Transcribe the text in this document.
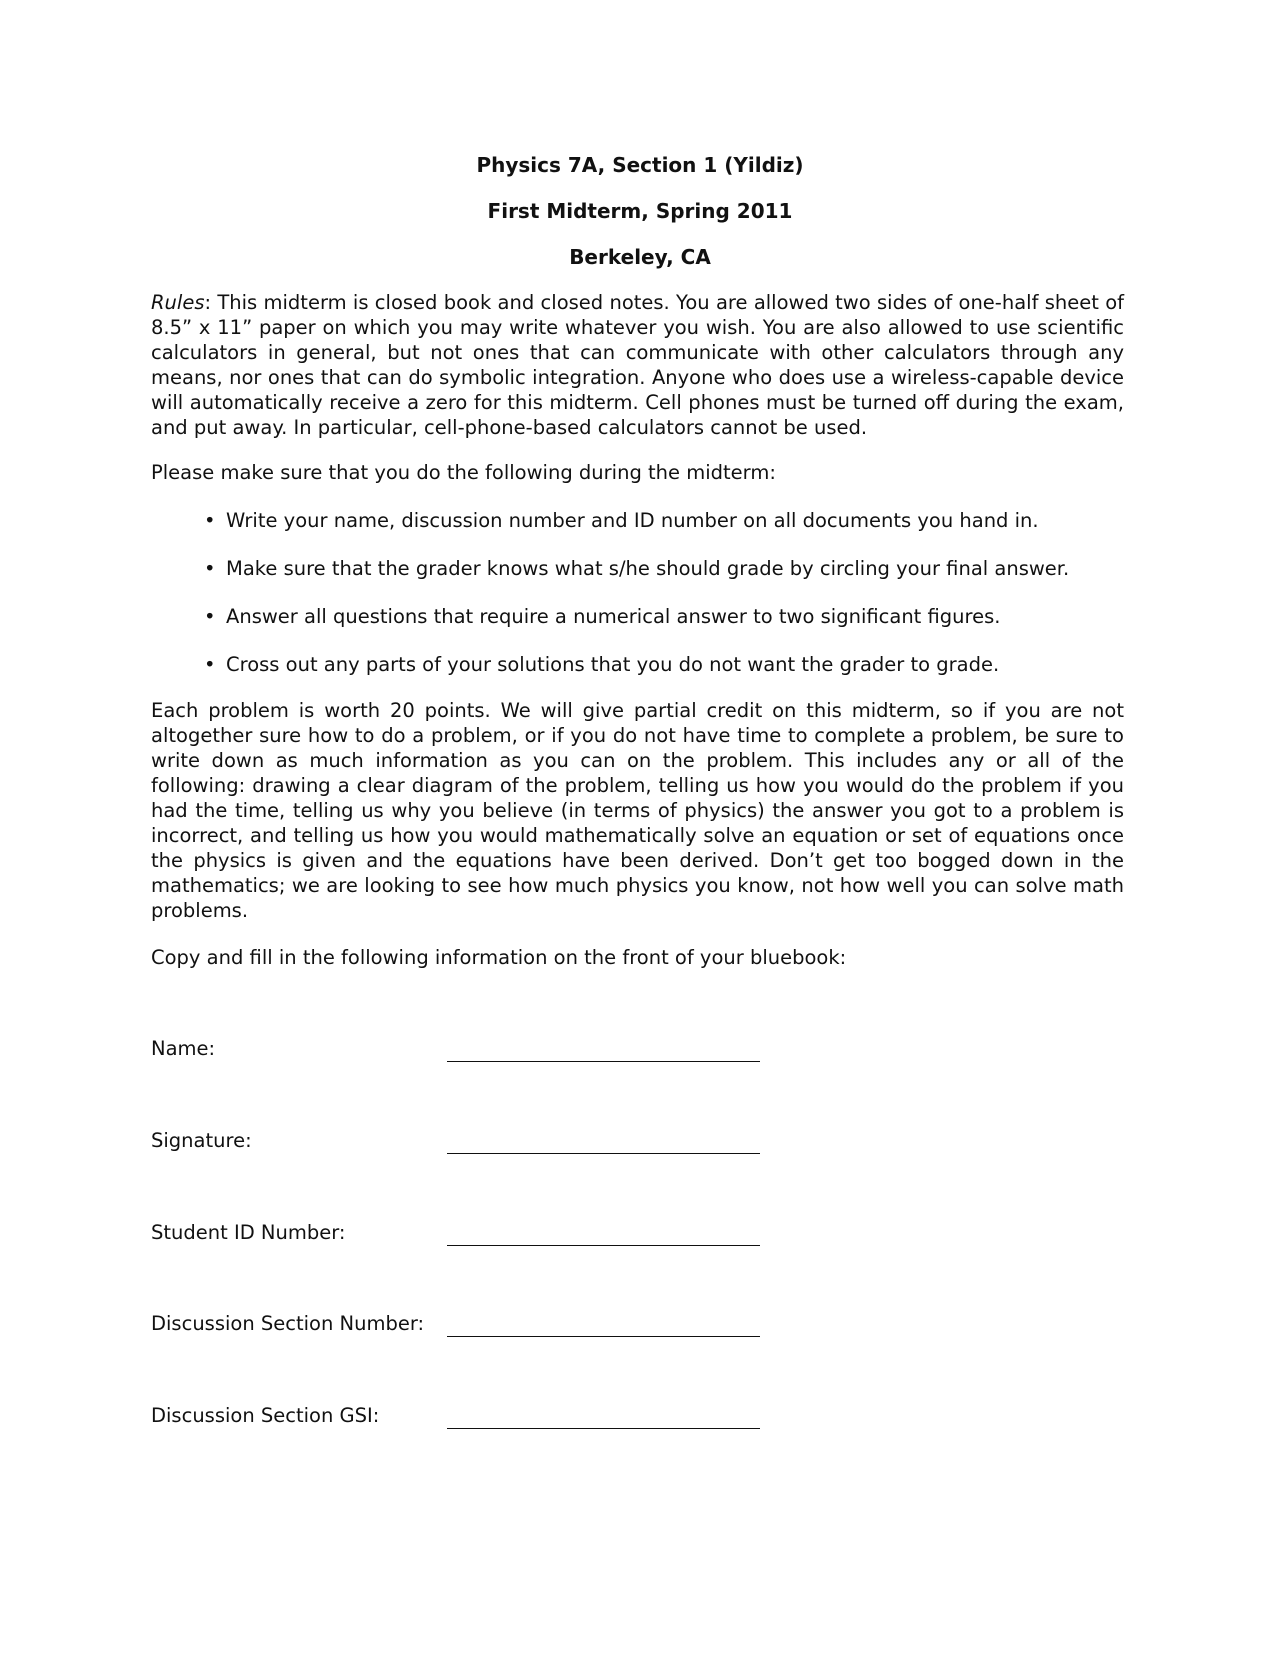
Physics 7A, Section 1 (Yildiz)
First Midterm, Spring 2011
Berkeley, CA
Rules: This midterm is closed book and closed notes. You are allowed two sides of one-half sheet of 8.5” x 11” paper on which you may write whatever you wish. You are also allowed to use scientific calculators in general, but not ones that can communicate with other calculators through any means, nor ones that can do symbolic integration. Anyone who does use a wireless-capable device will automatically receive a zero for this midterm. Cell phones must be turned off during the exam, and put away. In particular, cell-phone-based calculators cannot be used.
Please make sure that you do the following during the midterm:
• Write your name, discussion number and ID number on all documents you hand in.
• Make sure that the grader knows what s/he should grade by circling your final answer.
• Answer all questions that require a numerical answer to two significant figures.
• Cross out any parts of your solutions that you do not want the grader to grade.
Each problem is worth 20 points. We will give partial credit on this midterm, so if you are not altogether sure how to do a problem, or if you do not have time to complete a problem, be sure to write down as much information as you can on the problem. This includes any or all of the following: drawing a clear diagram of the problem, telling us how you would do the problem if you had the time, telling us why you believe (in terms of physics) the answer you got to a problem is incorrect, and telling us how you would mathematically solve an equation or set of equations once the physics is given and the equations have been derived. Don’t get too bogged down in the mathematics; we are looking to see how much physics you know, not how well you can solve math problems.
Copy and fill in the following information on the front of your bluebook:
Name:
Signature:
Student ID Number:
Discussion Section Number:
Discussion Section GSI:
